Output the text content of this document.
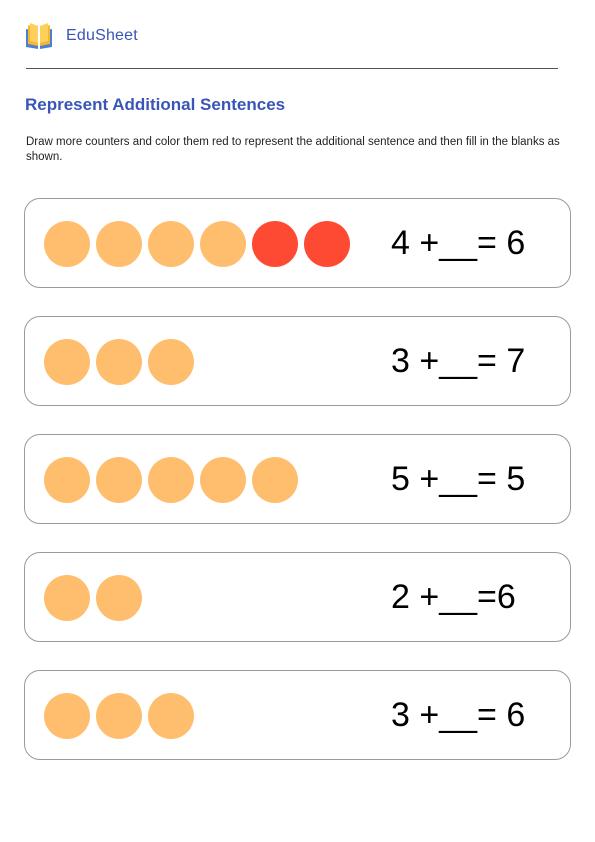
EduSheet
Represent Additional Sentences

Draw more counters and color them red to represent the additional sentence and then fill in the blanks as shown.

4 +__= 6
3 +__= 7
5 +__= 5
2 +__=6
3 +__= 6
